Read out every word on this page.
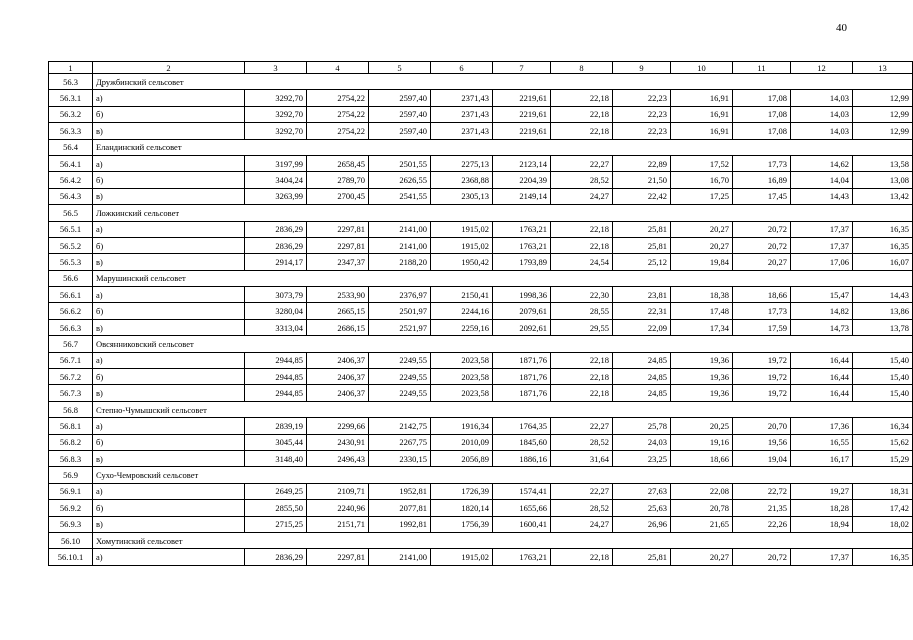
40
1	2	3	4	5	6	7	8	9	10	11	12	13
56.3	Дружбинский сельсовет											
56.3.1	а)	3292,70	2754,22	2597,40	2371,43	2219,61	22,18	22,23	16,91	17,08	14,03	12,99
56.3.2	б)	3292,70	2754,22	2597,40	2371,43	2219,61	22,18	22,23	16,91	17,08	14,03	12,99
56.3.3	в)	3292,70	2754,22	2597,40	2371,43	2219,61	22,18	22,23	16,91	17,08	14,03	12,99
56.4	Еландинский сельсовет											
56.4.1	а)	3197,99	2658,45	2501,55	2275,13	2123,14	22,27	22,89	17,52	17,73	14,62	13,58
56.4.2	б)	3404,24	2789,70	2626,55	2368,88	2204,39	28,52	21,50	16,70	16,89	14,04	13,08
56.4.3	в)	3263,99	2700,45	2541,55	2305,13	2149,14	24,27	22,42	17,25	17,45	14,43	13,42
56.5	Ложкинский сельсовет											
56.5.1	а)	2836,29	2297,81	2141,00	1915,02	1763,21	22,18	25,81	20,27	20,72	17,37	16,35
56.5.2	б)	2836,29	2297,81	2141,00	1915,02	1763,21	22,18	25,81	20,27	20,72	17,37	16,35
56.5.3	в)	2914,17	2347,37	2188,20	1950,42	1793,89	24,54	25,12	19,84	20,27	17,06	16,07
56.6	Марушинский сельсовет											
56.6.1	а)	3073,79	2533,90	2376,97	2150,41	1998,36	22,30	23,81	18,38	18,66	15,47	14,43
56.6.2	б)	3280,04	2665,15	2501,97	2244,16	2079,61	28,55	22,31	17,48	17,73	14,82	13,86
56.6.3	в)	3313,04	2686,15	2521,97	2259,16	2092,61	29,55	22,09	17,34	17,59	14,73	13,78
56.7	Овсянниковский сельсовет											
56.7.1	а)	2944,85	2406,37	2249,55	2023,58	1871,76	22,18	24,85	19,36	19,72	16,44	15,40
56.7.2	б)	2944,85	2406,37	2249,55	2023,58	1871,76	22,18	24,85	19,36	19,72	16,44	15,40
56.7.3	в)	2944,85	2406,37	2249,55	2023,58	1871,76	22,18	24,85	19,36	19,72	16,44	15,40
56.8	Степно-Чумышский сельсовет											
56.8.1	а)	2839,19	2299,66	2142,75	1916,34	1764,35	22,27	25,78	20,25	20,70	17,36	16,34
56.8.2	б)	3045,44	2430,91	2267,75	2010,09	1845,60	28,52	24,03	19,16	19,56	16,55	15,62
56.8.3	в)	3148,40	2496,43	2330,15	2056,89	1886,16	31,64	23,25	18,66	19,04	16,17	15,29
56.9	Сухо-Чемровский сельсовет											
56.9.1	а)	2649,25	2109,71	1952,81	1726,39	1574,41	22,27	27,63	22,08	22,72	19,27	18,31
56.9.2	б)	2855,50	2240,96	2077,81	1820,14	1655,66	28,52	25,63	20,78	21,35	18,28	17,42
56.9.3	в)	2715,25	2151,71	1992,81	1756,39	1600,41	24,27	26,96	21,65	22,26	18,94	18,02
56.10	Хомутинский сельсовет											
56.10.1	а)	2836,29	2297,81	2141,00	1915,02	1763,21	22,18	25,81	20,27	20,72	17,37	16,35
